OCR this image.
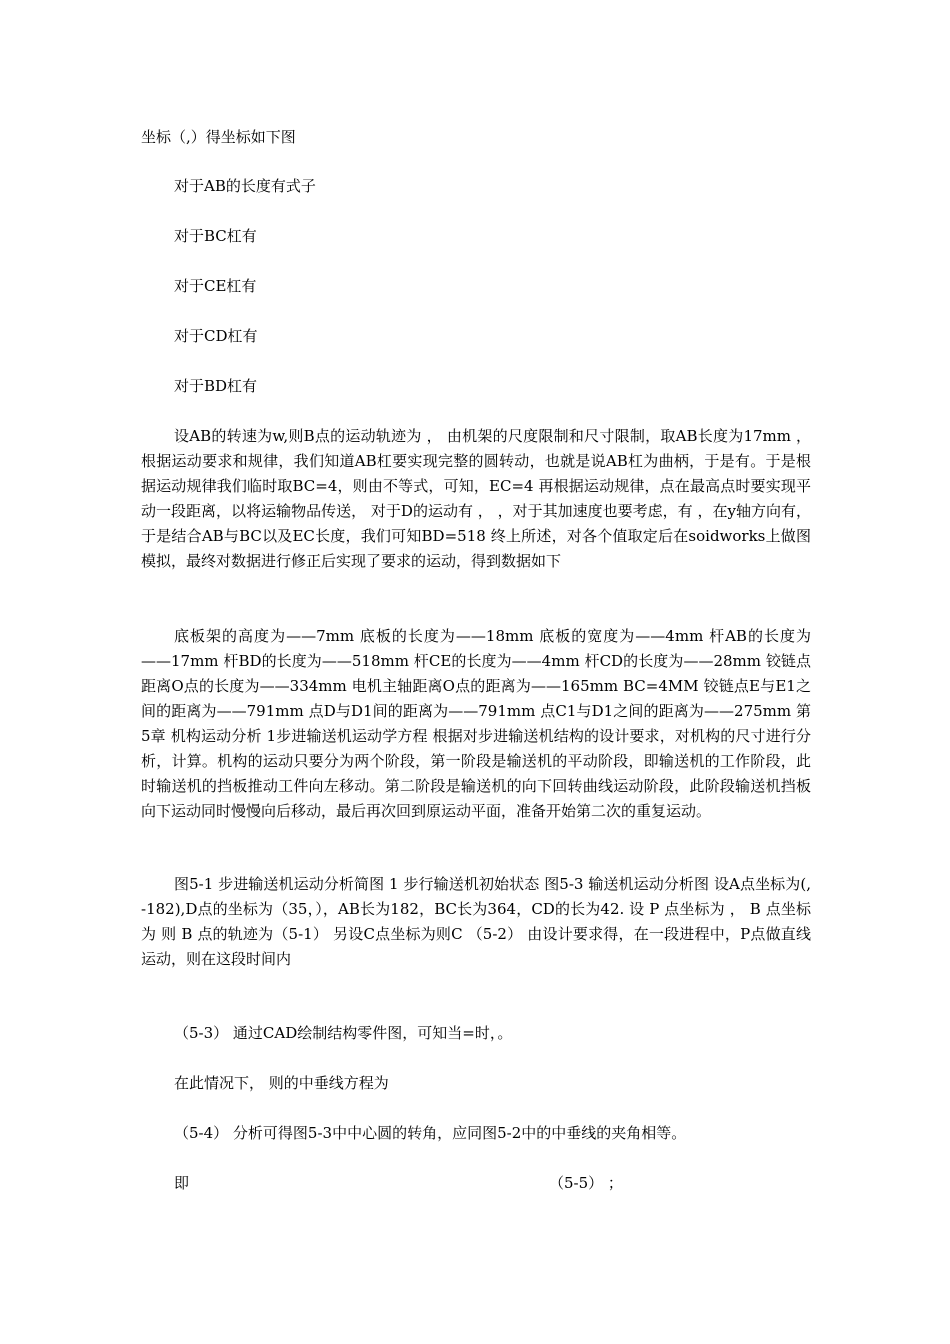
坐标（,）得坐标如下图

对于AB的长度有式子

对于BC杠有

对于CE杠有

对于CD杠有

对于BD杠有

设AB的转速为w,则B点的运动轨迹为 ， 由机架的尺度限制和尺寸限制，取AB长度为17mm ， 根据运动要求和规律，我们知道AB杠要实现完整的圆转动，也就是说AB杠为曲柄，于是有。于是根据运动规律我们临时取BC=4，则由不等式，可知，EC=4 再根据运动规律，点在最高点时要实现平动一段距离，以将运输物品传送， 对于D的运动有 ， ，对于其加速度也要考虑，有 ，在y轴方向有，于是结合AB与BC以及EC长度，我们可知BD=518 终上所述，对各个值取定后在soidworks上做图模拟，最终对数据进行修正后实现了要求的运动，得到数据如下

底板架的高度为——7mm 底板的长度为——18mm 底板的宽度为——4mm 杆AB的长度为——17mm 杆BD的长度为——518mm 杆CE的长度为——4mm 杆CD的长度为——28mm 铰链点距离O点的长度为——334mm 电机主轴距离O点的距离为——165mm BC=4MM 铰链点E与E1之间的距离为——791mm 点D与D1间的距离为——791mm 点C1与D1之间的距离为——275mm 第5章 机构运动分析 1步进输送机运动学方程 根据对步进输送机结构的设计要求，对机构的尺寸进行分析，计算。机构的运动只要分为两个阶段，第一阶段是输送机的平动阶段，即输送机的工作阶段，此时输送机的挡板推动工件向左移动。第二阶段是输送机的向下回转曲线运动阶段，此阶段输送机挡板向下运动同时慢慢向后移动，最后再次回到原运动平面，准备开始第二次的重复运动。

图5-1 步进输送机运动分析简图 1 步行输送机初始状态 图5-3 输送机运动分析图 设A点坐标为(,-182),D点的坐标为（35，），AB长为182，BC长为364，CD的长为42. 设 P 点坐标为 ， B 点坐标为 则 B 点的轨迹为（5-1） 另设C点坐标为则C （5-2） 由设计要求得，在一段进程中，P点做直线运动，则在这段时间内

（5-3） 通过CAD绘制结构零件图，可知当=时，。

在此情况下， 则的中垂线方程为

（5-4） 分析可得图5-3中中心圆的转角，应同图5-2中的中垂线的夹角相等。

即	（5-5） ；
